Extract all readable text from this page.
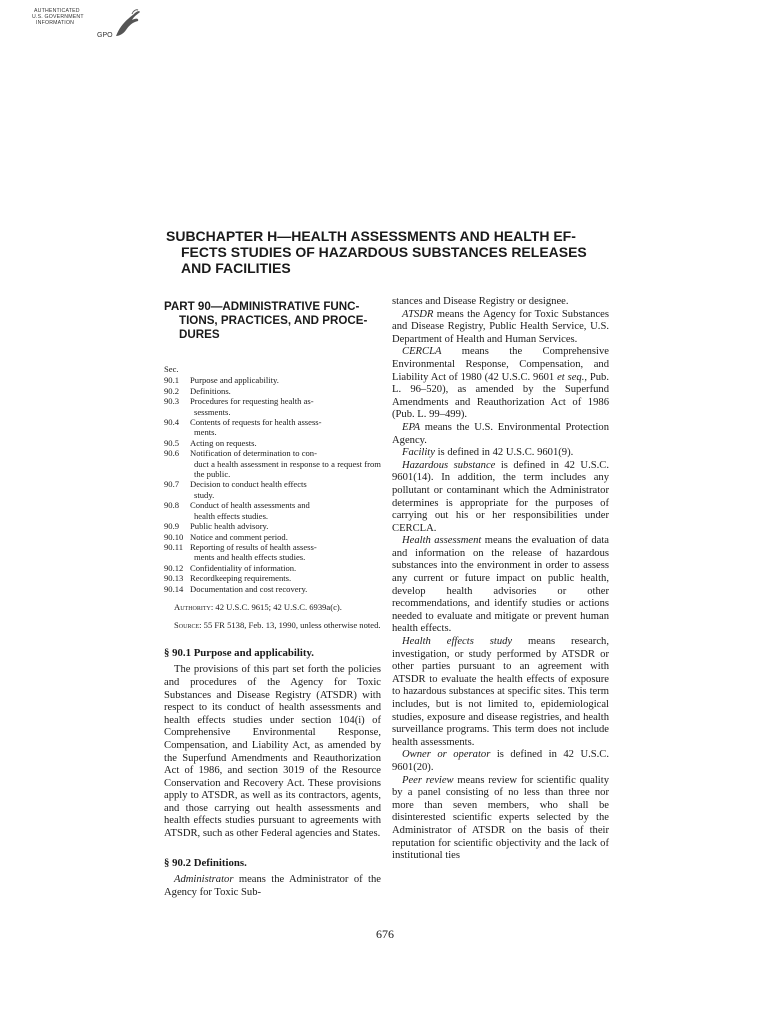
AUTHENTICATED
U.S. GOVERNMENT
INFORMATION
GPO
SUBCHAPTER H—HEALTH ASSESSMENTS AND HEALTH EF-
FECTS STUDIES OF HAZARDOUS SUBSTANCES RELEASES
AND FACILITIES
PART 90—ADMINISTRATIVE FUNC-
TIONS, PRACTICES, AND PROCE-
DURES
Sec.
90.1	Purpose and applicability.
90.2	Definitions.
90.3	Procedures for requesting health as-
sessments.
90.4	Contents of requests for health assess-
ments.
90.5	Acting on requests.
90.6	Notification of determination to con-
duct a health assessment in response to a request from the public.
90.7	Decision to conduct health effects
study.
90.8	Conduct of health assessments and
health effects studies.
90.9	Public health advisory.
90.10 Notice and comment period.
90.11 Reporting of results of health assess-
ments and health effects studies.
90.12 Confidentiality of information.
90.13 Recordkeeping requirements.
90.14 Documentation and cost recovery.
Authority: 42 U.S.C. 9615; 42 U.S.C. 6939a(c).
Source: 55 FR 5138, Feb. 13, 1990, unless otherwise noted.
§ 90.1 Purpose and applicability.

The provisions of this part set forth the policies and procedures of the Agency for Toxic Substances and Disease Registry (ATSDR) with respect to its conduct of health assessments and health effects studies under section 104(i) of Comprehensive Environmental Response, Compensation, and Liability Act, as amended by the Superfund Amendments and Reauthorization Act of 1986, and section 3019 of the Resource Conservation and Recovery Act. These provisions apply to ATSDR, as well as its contractors, agents, and those carrying out health assessments and health effects studies pursuant to agreements with ATSDR, such as other Federal agencies and States.

§ 90.2 Definitions.

Administrator means the Administrator of the Agency for Toxic Sub-

stances and Disease Registry or designee.

ATSDR means the Agency for Toxic Substances and Disease Registry, Public Health Service, U.S. Department of Health and Human Services.

CERCLA means the Comprehensive Environmental Response, Compensation, and Liability Act of 1980 (42 U.S.C. 9601 et seq., Pub. L. 96–520), as amended by the Superfund Amendments and Reauthorization Act of 1986 (Pub. L. 99–499).

EPA means the U.S. Environmental Protection Agency.

Facility is defined in 42 U.S.C. 9601(9).

Hazardous substance is defined in 42 U.S.C. 9601(14). In addition, the term includes any pollutant or contaminant which the Administrator determines is appropriate for the purposes of carrying out his or her responsibilities under CERCLA.

Health assessment means the evaluation of data and information on the release of hazardous substances into the environment in order to assess any current or future impact on public health, develop health advisories or other recommendations, and identify studies or actions needed to evaluate and mitigate or prevent human health effects.

Health effects study means research, investigation, or study performed by ATSDR or other parties pursuant to an agreement with ATSDR to evaluate the health effects of exposure to hazardous substances at specific sites. This term includes, but is not limited to, epidemiological studies, exposure and disease registries, and health surveillance programs. This term does not include health assessments.

Owner or operator is defined in 42 U.S.C. 9601(20).

Peer review means review for scientific quality by a panel consisting of no less than three nor more than seven members, who shall be disinterested scientific experts selected by the Administrator of ATSDR on the basis of their reputation for scientific objectivity and the lack of institutional ties

676
